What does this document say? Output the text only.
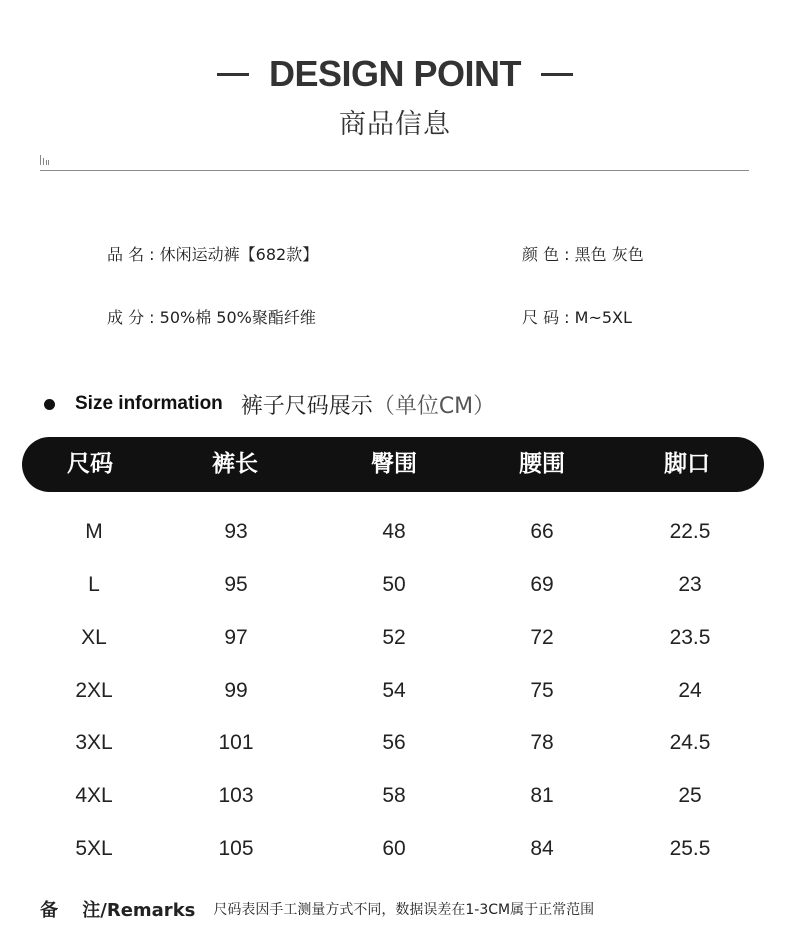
DESIGN POINT
商品信息
品 名 : 休闲运动裤【682款】	颜 色 : 黑色 灰色
成 分 : 50%棉 50%聚酯纤维	尺 码 : M~5XL
Size information 裤子尺码展示 （单位CM）
尺码	裤长	臀围	腰围	脚口
M	93	48	66	22.5
L	95	50	69	23
XL	97	52	72	23.5
2XL	99	54	75	24
3XL	101	56	78	24.5
4XL	103	58	81	25
5XL	105	60	84	25.5
备　 注/Remarks 尺码表因手工测量方式不同，数据误差在1-3CM属于正常范围
